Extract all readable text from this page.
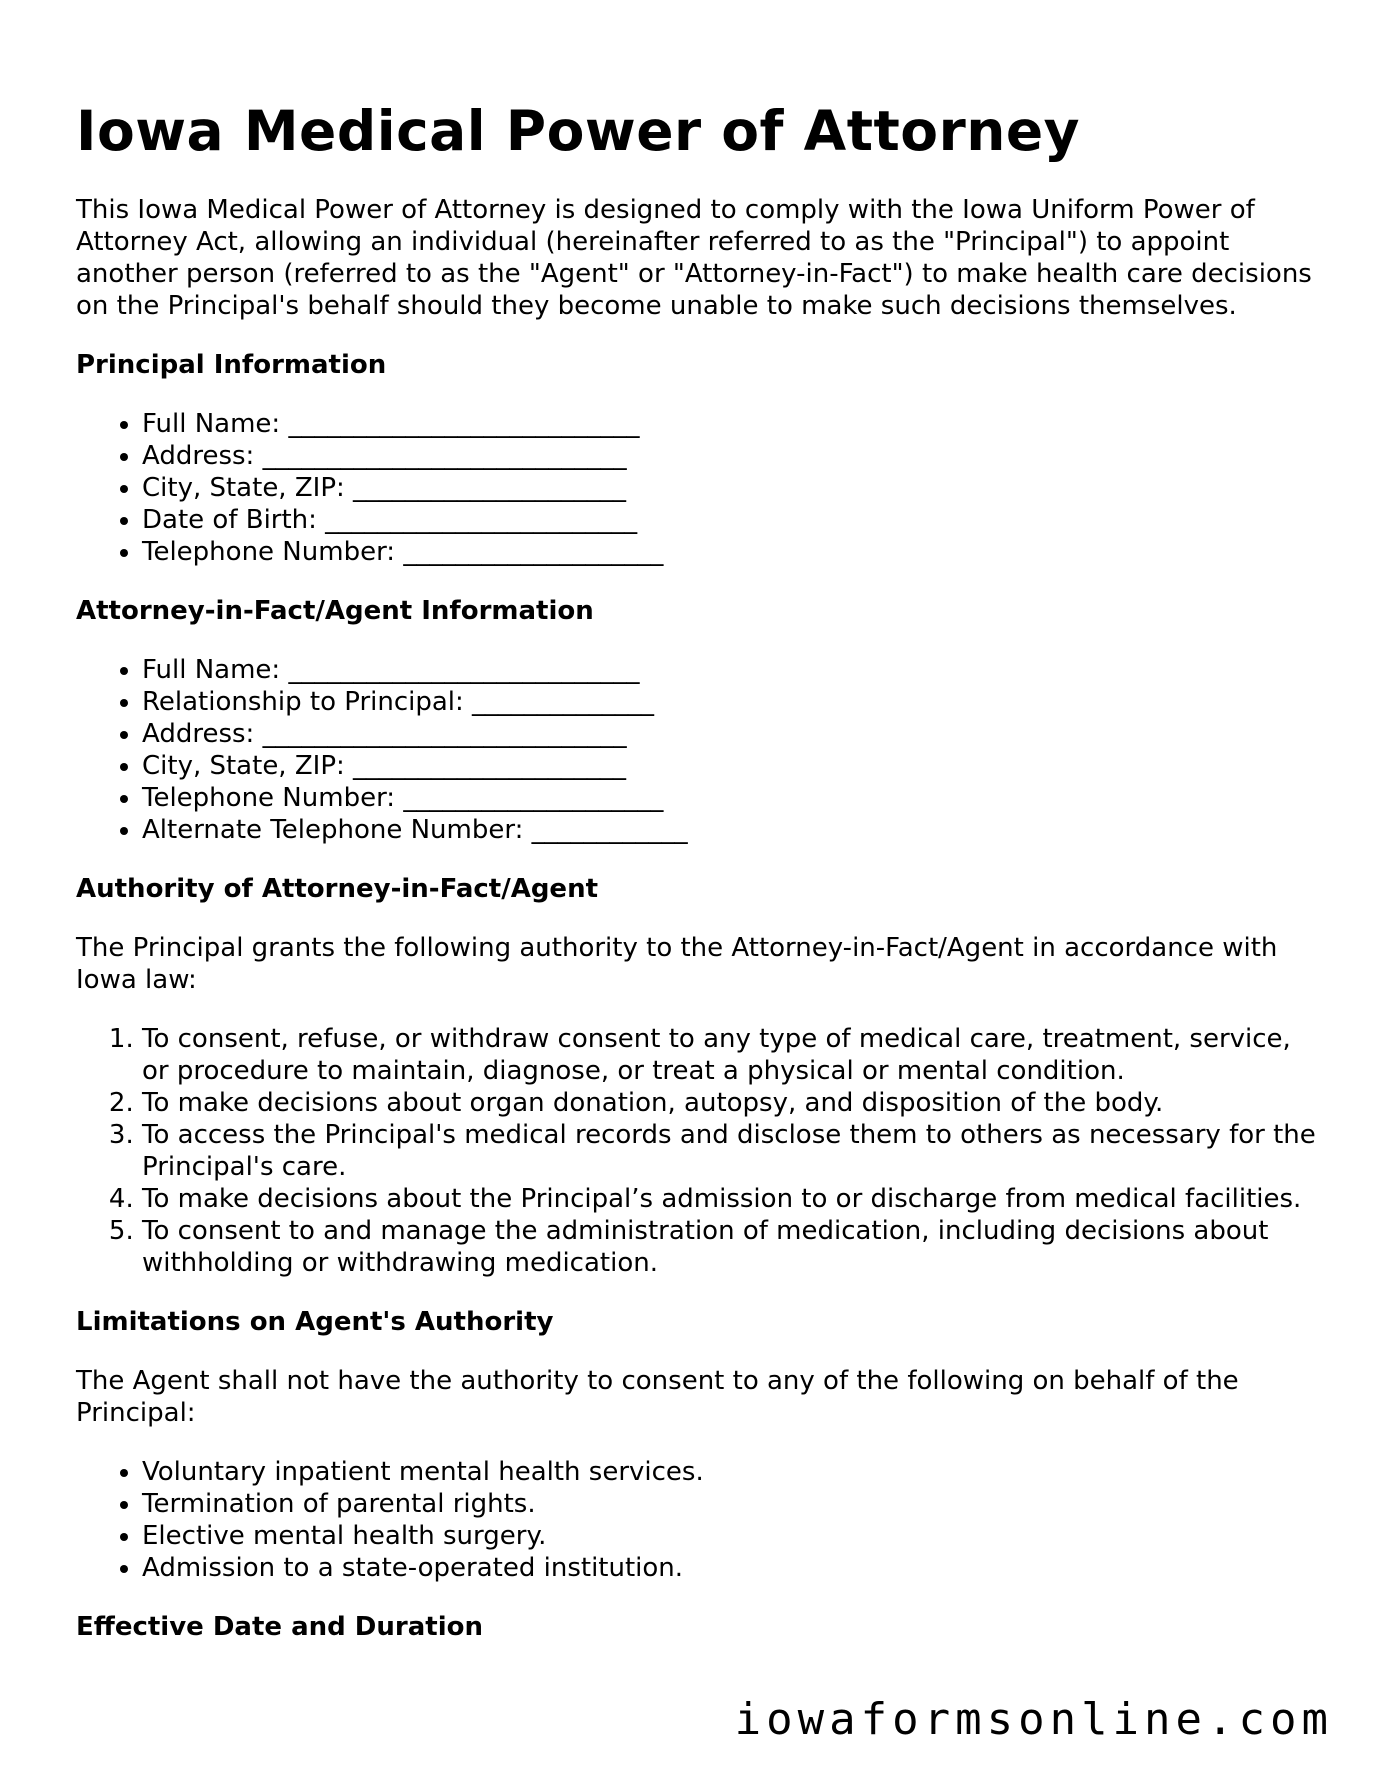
Iowa Medical Power of Attorney

This Iowa Medical Power of Attorney is designed to comply with the Iowa Uniform Power of Attorney Act, allowing an individual (hereinafter referred to as the "Principal") to appoint another person (referred to as the "Agent" or "Attorney-in-Fact") to make health care decisions on the Principal's behalf should they become unable to make such decisions themselves.

Principal Information
• Full Name: ___________________________
• Address: ____________________________
• City, State, ZIP: _____________________
• Date of Birth: ________________________
• Telephone Number: ____________________
Attorney-in-Fact/Agent Information
• Full Name: ___________________________
• Relationship to Principal: ______________
• Address: ____________________________
• City, State, ZIP: _____________________
• Telephone Number: ____________________
• Alternate Telephone Number: ____________
Authority of Attorney-in-Fact/Agent

The Principal grants the following authority to the Attorney-in-Fact/Agent in accordance with Iowa law:

1. To consent, refuse, or withdraw consent to any type of medical care, treatment, service, or procedure to maintain, diagnose, or treat a physical or mental condition.
2. To make decisions about organ donation, autopsy, and disposition of the body.
3. To access the Principal's medical records and disclose them to others as necessary for the Principal's care.
4. To make decisions about the Principal’s admission to or discharge from medical facilities.
5. To consent to and manage the administration of medication, including decisions about withholding or withdrawing medication.
Limitations on Agent's Authority

The Agent shall not have the authority to consent to any of the following on behalf of the Principal:

• Voluntary inpatient mental health services.
• Termination of parental rights.
• Elective mental health surgery.
• Admission to a state-operated institution.
Effective Date and Duration
iowaformsonline.com
